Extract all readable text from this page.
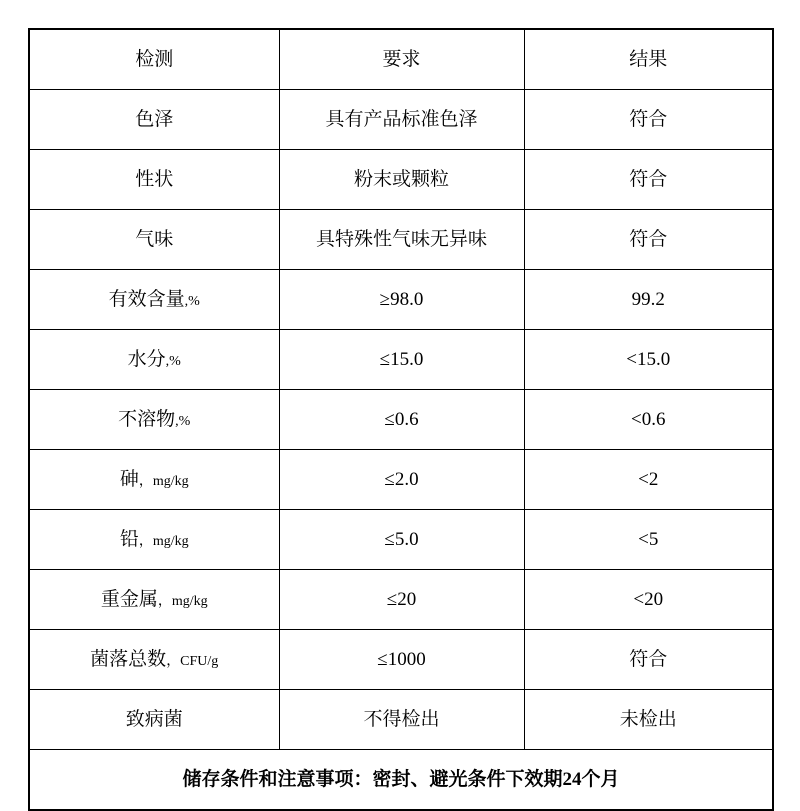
检测	要求	结果
色泽	具有产品标准色泽	符合
性状	粉末或颗粒	符合
气味	具特殊性气味无异味	符合
有效含量,%	≥98.0	99.2
水分,%	≤15.0	<15.0
不溶物,%	≤0.6	<0.6
砷，mg/kg	≤2.0	<2
铅，mg/kg	≤5.0	<5
重金属，mg/kg	≤20	<20
菌落总数，CFU/g	≤1000	符合
致病菌	不得检出	未检出
储存条件和注意事项：密封、避光条件下效期24个月		
